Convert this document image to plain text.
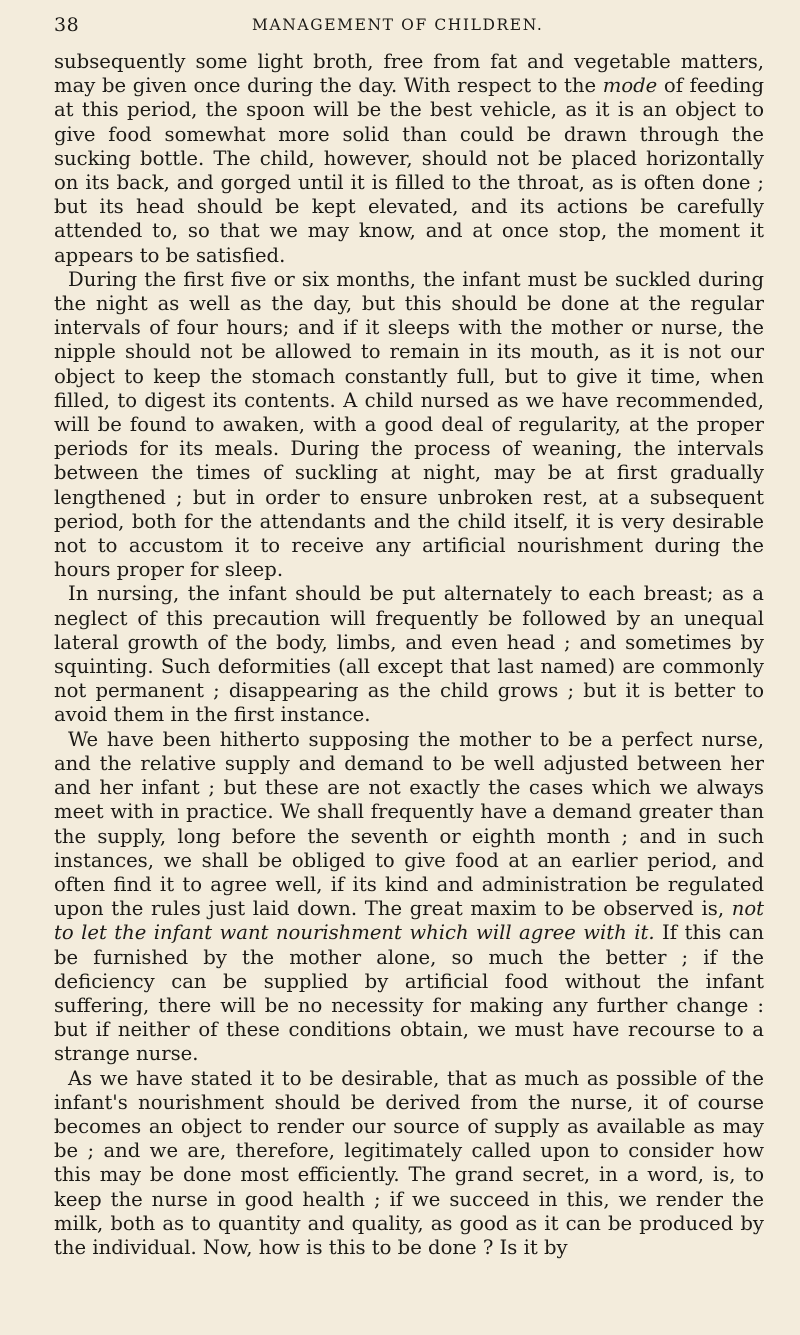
38	MANAGEMENT OF CHILDREN.

subsequently some light broth, free from fat and vegetable matters, may be given once during the day. With respect to the mode of feeding at this period, the spoon will be the best vehicle, as it is an object to give food somewhat more solid than could be drawn through the sucking bottle. The child, however, should not be placed horizontally on its back, and gorged until it is filled to the throat, as is often done ; but its head should be kept elevated, and its actions be carefully attended to, so that we may know, and at once stop, the moment it appears to be satisfied.

During the first five or six months, the infant must be suckled during the night as well as the day, but this should be done at the regular intervals of four hours; and if it sleeps with the mother or nurse, the nipple should not be allowed to remain in its mouth, as it is not our object to keep the stomach constantly full, but to give it time, when filled, to digest its contents. A child nursed as we have recommended, will be found to awaken, with a good deal of regularity, at the proper periods for its meals. During the process of weaning, the intervals between the times of suckling at night, may be at first gradually lengthened ; but in order to ensure unbroken rest, at a subsequent period, both for the attendants and the child itself, it is very desirable not to accustom it to receive any artificial nourishment during the hours proper for sleep.

In nursing, the infant should be put alternately to each breast; as a neglect of this precaution will frequently be followed by an unequal lateral growth of the body, limbs, and even head ; and sometimes by squinting. Such deformities (all except that last named) are commonly not permanent ; disappearing as the child grows ; but it is better to avoid them in the first instance.

We have been hitherto supposing the mother to be a perfect nurse, and the relative supply and demand to be well adjusted between her and her infant ; but these are not exactly the cases which we always meet with in practice. We shall frequently have a demand greater than the supply, long before the seventh or eighth month ; and in such instances, we shall be obliged to give food at an earlier period, and often find it to agree well, if its kind and administration be regulated upon the rules just laid down. The great maxim to be observed is, not to let the infant want nourishment which will agree with it. If this can be furnished by the mother alone, so much the better ; if the deficiency can be supplied by artificial food without the infant suffering, there will be no necessity for making any further change : but if neither of these conditions obtain, we must have recourse to a strange nurse.

As we have stated it to be desirable, that as much as possible of the infant's nourishment should be derived from the nurse, it of course becomes an object to render our source of supply as available as may be ; and we are, therefore, legitimately called upon to consider how this may be done most efficiently. The grand secret, in a word, is, to keep the nurse in good health ; if we succeed in this, we render the milk, both as to quantity and quality, as good as it can be produced by the individual. Now, how is this to be done ? Is it by
